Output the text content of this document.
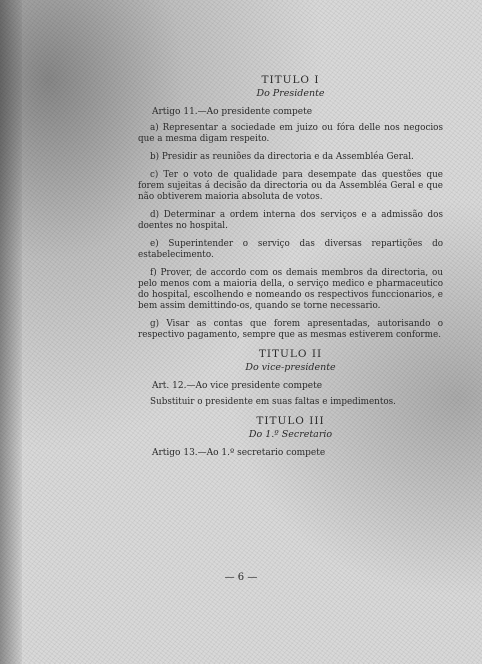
TITULO I
Do Presidente
Artigo 11.—Ao presidente compete

a) Representar a sociedade em juizo ou fóra delle nos negocios que a mesma digam respeito.

b) Presidir as reuniões da directoria e da Assembléa Geral.

c) Ter o voto de qualidade para desempate das questões que forem sujeitas á decisão da directoria ou da Assembléa Geral e que não obtiverem maioria absoluta de votos.

d) Determinar a ordem interna dos serviços e a admissão dos doentes no hospital.

e) Superintender o serviço das diversas repartições do estabelecimento.

f) Prover, de accordo com os demais membros da directoria, ou pelo menos com a maioria della, o serviço medico e pharmaceutico do hospital, escolhendo e nomeando os respectivos funccionarios, e bem assim demittindo-os, quando se torne necessario.

g) Visar as contas que forem apresentadas, autorisando o respectivo pagamento, sempre que as mesmas estiverem conforme.

TITULO II
Do vice-presidente
Art. 12.—Ao vice presidente compete

Substituir o presidente em suas faltas e impedimentos.

TITULO III
Do 1.º Secretario
Artigo 13.—Ao 1.º secretario compete
— 6 —
